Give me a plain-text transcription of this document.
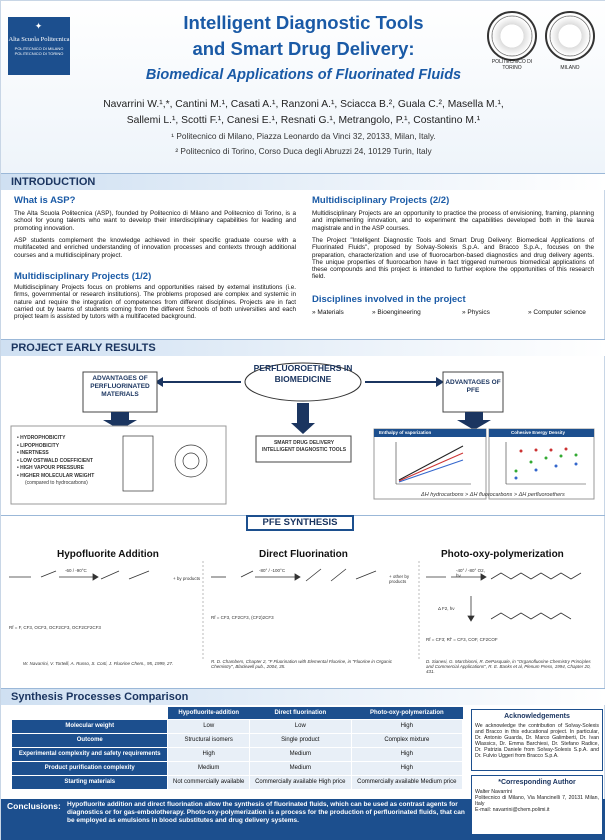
✦
Alta Scuola Politecnica
POLITECNICO DI MILANO POLITECNICO DI TORINO
POLITECNICO DI TORINO	MILANO
Intelligent Diagnostic Tools
and Smart Drug Delivery:
Biomedical Applications of Fluorinated Fluids
Navarrini W.¹,*, Cantini M.¹, Casati A.¹, Ranzoni A.¹, Sciacca B.², Guala C.², Masella M.¹,
Sallemi L.¹, Scotti F.¹, Canesi E.¹, Resnati G.¹, Metrangolo, P.¹, Costantino M.¹
¹ Politecnico di Milano, Piazza Leonardo da Vinci 32, 20133, Milan, Italy.
² Politecnico di Torino, Corso Duca degli Abruzzi 24, 10129 Turin, Italy
INTRODUCTION
What is ASP?
The Alta Scuola Politecnica (ASP), founded by Politecnico di Milano and Politecnico di Torino, is a school for young talents who want to develop their interdisciplinary capabilities for leading and promoting innovation.
ASP students complement the knowledge achieved in their specific graduate course with a multifaceted and enriched understanding of innovation processes and contexts through additional courses and a multidisciplinary project.
Multidisciplinary Projects (1/2)
Multidisciplinary Projects focus on problems and opportunities raised by external institutions (i.e. firms, governmental or research institutions). The problems proposed are complex and systemic in nature and require the integration of competences from different disciplines. Projects are in fact carried out by teams of students coming from the different Schools of both universities and each project team is assisted by tutors with a multifaceted background.
Multidisciplinary Projects (2/2)
Multidisciplinary Projects are an opportunity to practice the process of envisioning, framing, planning and implementing innovation, and to experiment the capabilities developed both in the laurea magistrale and in the ASP courses.
The Project "Intelligent Diagnostic Tools and Smart Drug Delivery: Biomedical Applications of Fluorinated Fluids", proposed by Solvay-Solexis S.p.A. and Bracco S.p.A., focuses on the preparation, characterization and use of fluorocarbon-based diagnostics and drug delivery agents. The unique properties of fluorocarbon have in fact triggered numerous biomedical applications of these compounds and this project is intended to further explore the opportunities of this research field.
Disciplines involved in the project
» Materials	» Bioengineering	» Physics	» Computer science
PROJECT EARLY RESULTS
PERFLUOROETHERS IN BIOMEDICINE
ADVANTAGES OF PERFLUORINATED MATERIALS
ADVANTAGES OF PFE
• HYDROPHOBICITY
• LIPOPHOBICITY
• INERTNESS
• LOW OSTWALD COEFFICIENT
• HIGH VAPOUR PRESSURE
• HIGHER MOLECULAR WEIGHT
(compared to hydrocarbons)
SMART DRUG DELIVERY
INTELLIGENT DIAGNOSTIC TOOLS
Enthalpy of vaporization	Cohesive Energy Density
ΔH hydrocarbons > ΔH fluorocarbons > ΔH perfluoroethers
PFE SYNTHESIS
Hypofluorite Addition	Direct Fluorination	Photo-oxy-polymerization
-60 / -90°C
+ by products
-80° / -100°C
+ other by products
-40° / -80° O2, hν
Δ F2, hν
Rf = F, CF3, OCF3, OCF2CF3, OCF2CF2CF3
Rf = CF3, CF2CF3, (CF2)2CF3
Rf = CF3; Rf' = CF3, COF, CF2COF
W. Navarrini, V. Tortelli, A. Russo, S. Corti, J. Fluorine Chem., 95, 1999, 27.	R. D. Chambers, Chapter 2, "F Fluorination with Elemental Fluorine, in "Fluorine in Organic Chemistry", Blackwell pub., 2004, 35.
D. Sianesi, G. Marchionni, R. DePasquale, in "Organofluorine Chemistry Principles and Commercial Applications", R. E. Banks et al, Plenum Press, 1994, Chapter 20, 431.
Synthesis Processes Comparison
	Hypofluorite-addition	Direct fluorination	Photo-oxy-polymerization
Molecular weight	Low	Low	High
Outcome	Structural isomers	Single product	Complex mixture
Experimental complexity and safety requirements	High	Medium	High
Product purification complexity	Medium	Medium	High
Starting materials	Not commercially available	Commercially available High price	Commercially available Medium price
Acknowledgements
We acknowledge the contribution of Solvay-Solexis and Bracco in this educational project. In particular, Dr. Antonio Guarda, Dr. Marco Galimberti, Dr. Ivan Wlassics, Dr. Emma Barchiesi, Dr. Stefano Radice, Dr. Patrizia Daniele from Solvay-Solexis S.p.A. and Dr. Fulvio Uggeri from Bracco S.p.A.
*Corresponding Author
Walter Navarrini
Politecnico di Milano, Via Mancinelli 7, 20131 Milan, Italy
E-mail: navarrini@chem.polimi.it
Conclusions: Hypofluorite addition and direct fluorination allow the synthesis of fluorinated fluids, which can be used as contrast agents for diagnostics or for gas-embolotherapy. Photo-oxy-polymerization is a process for the production of perfluorinated fluids, that can be employed as emulsions in blood substitutes and drug delivery systems.
